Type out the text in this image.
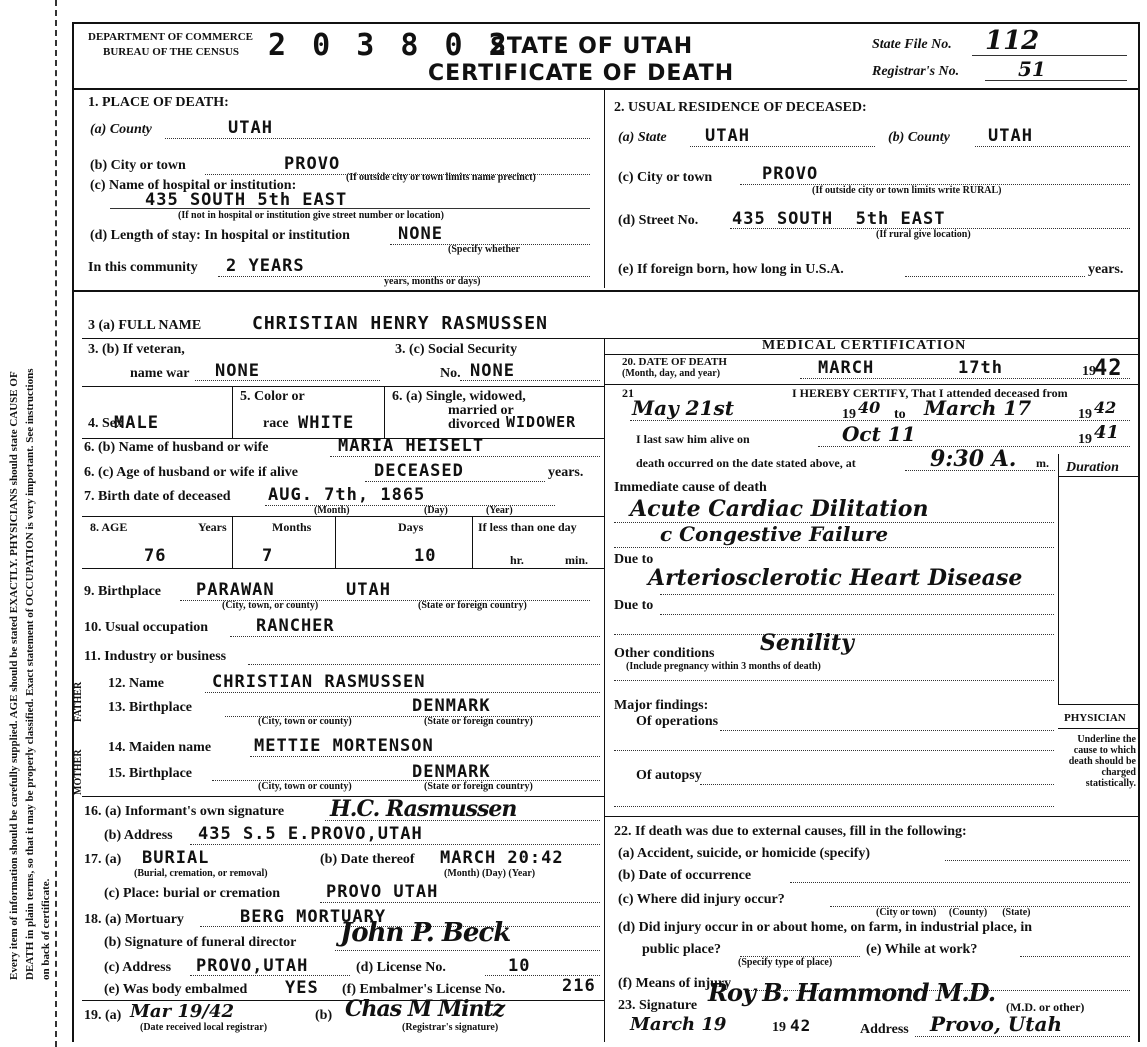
Every item of information should be carefully supplied. AGE should be stated EXACTLY. PHYSICIANS should state CAUSE OF DEATH in plain terms, so that it may be properly classified. Exact statement of OCCUPATION is very important. See instructions on back of certificate.
DEPARTMENT OF COMMERCE
BUREAU OF THE CENSUS 2 0 3 8 0 2
STATE OF UTAH
CERTIFICATE OF DEATH
State File No. 112
Registrar's No.	51
1. PLACE OF DEATH:
(a) County	UTAH
(b) City or town	PROVO
(c) Name of hospital or institution:
(If outside city or town limits name precinct)
435 SOUTH 5th EAST
(If not in hospital or institution give street number or location)
(d) Length of stay: In hospital or institution	NONE
(Specify whether
In this community 2 YEARS
years, months or days)
2. USUAL RESIDENCE OF DECEASED:
(a) State UTAH	(b) County UTAH
(c) City or town	PROVO
(If outside city or town limits write RURAL)
(d) Street No. 435 SOUTH  5th EAST
(If rural give location)
(e) If foreign born, how long in U.S.A.	years.
3 (a) FULL NAME	CHRISTIAN HENRY RASMUSSEN
3. (b) If veteran,
name war NONE
3. (c) Social Security
No. NONE
4. Sex
MALE
5. Color or
race WHITE
6. (a) Single, widowed,
married or
divorced WIDOWER
6. (b) Name of husband or wife	MARIA HEISELT
6. (c) Age of husband or wife if alive	DECEASED	years.
7. Birth date of deceased AUG. 7th, 1865
(Month)	(Day)	(Year)
8. AGE	Years	Months	Days	If less than one day
76	7	10	hr.	min.
9. Birthplace PARAWAN	UTAH
(City, town, or county)	(State or foreign country)
10. Usual occupation	RANCHER
11. Industry or business
FATHER 12. Name	CHRISTIAN RASMUSSEN
13. Birthplace	DENMARK
(City, town or county)	(State or foreign country)
MOTHER
14. Maiden name	METTIE MORTENSON
15. Birthplace	DENMARK
(City, town or county)	(State or foreign country)
16. (a) Informant's own signature H.C. Rasmussen
(b) Address 435 S.5 E.PROVO,UTAH
17. (a) BURIAL
(Burial, cremation, or removal)
(b) Date thereof MARCH 20:42
(Month) (Day) (Year)
(c) Place: burial or cremation	PROVO UTAH
18. (a) Mortuary	BERG MORTUARY
(b) Signature of funeral director John P. Beck
(c) Address PROVO,UTAH	(d) License No.	10
(e) Was body embalmed YES (f) Embalmer's License No.	216
19. (a) Mar 19/42
(Date received local registrar)
(b) Chas M Mintz
(Registrar's signature)
MEDICAL CERTIFICATION
20. DATE OF DEATH
(Month, day, and year)	MARCH	17th	19
42
21	I HEREBY CERTIFY, That I attended deceased from
May 21st	19 40 to March 17	19 42
I last saw him alive on	Oct 11	19 41
death occurred on the date stated above, at	9:30 A. m. Duration
Immediate cause of death
Acute Cardiac Dilitation
c Congestive Failure
Due to
Arteriosclerotic Heart Disease
Due to
Other conditions Senility
(Include pregnancy within 3 months of death)
Major findings:
Of operations
Of autopsy
PHYSICIAN
Underline the cause to which death should be charged statistically.
22. If death was due to external causes, fill in the following:
(a) Accident, suicide, or homicide (specify)
(b) Date of occurrence
(c) Where did injury occur?
(City or town)     (County)      (State)
(d) Did injury occur in or about home, on farm, in industrial place, in
public place?
(Specify type of place)
(e) While at work?
(f) Means of injury
23. Signature Roy B. Hammond M.D. (M.D. or other)
March 19	19 42	Address Provo, Utah
